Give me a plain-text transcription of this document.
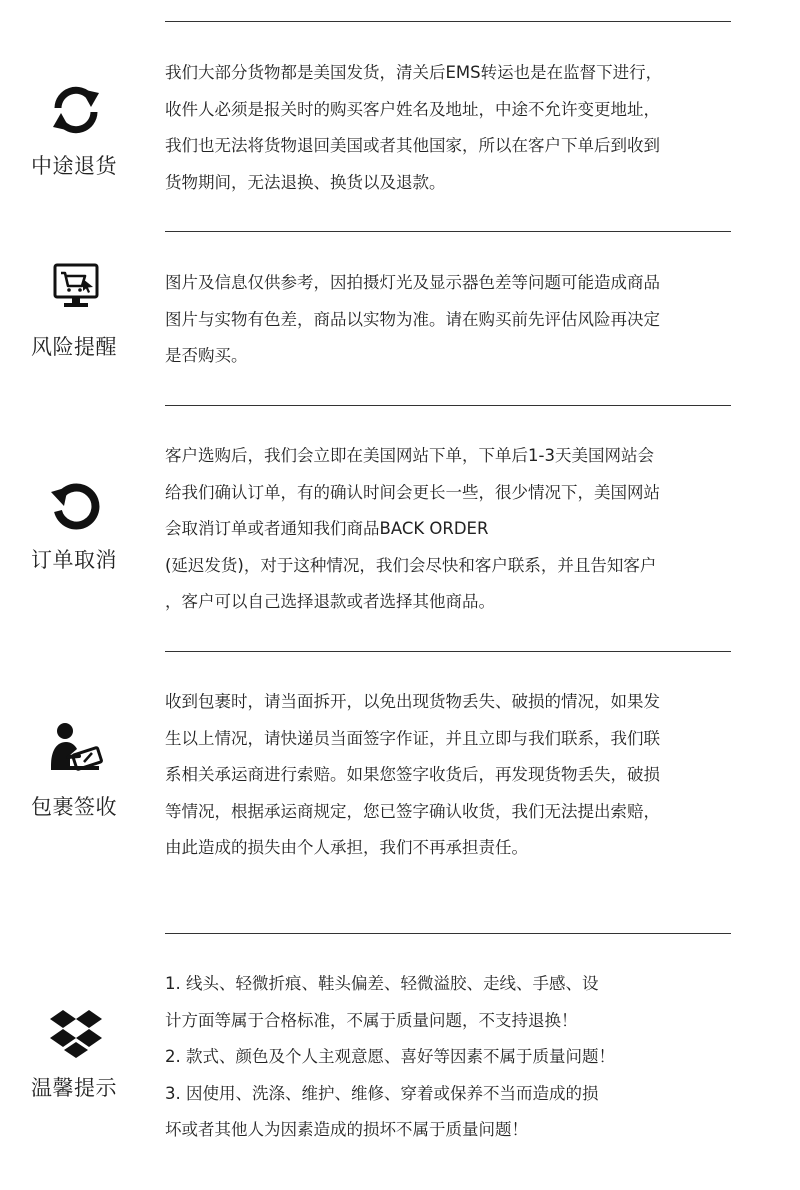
中途退货
我们大部分货物都是美国发货，清关后EMS转运也是在监督下进行，
收件人必须是报关时的购买客户姓名及地址，中途不允许变更地址，
我们也无法将货物退回美国或者其他国家，所以在客户下单后到收到
货物期间，无法退换、换货以及退款。
风险提醒
图片及信息仅供参考，因拍摄灯光及显示器色差等问题可能造成商品
图片与实物有色差，商品以实物为准。请在购买前先评估风险再决定
是否购买。
订单取消
客户选购后，我们会立即在美国网站下单，下单后1-3天美国网站会
给我们确认订单，有的确认时间会更长一些，很少情况下，美国网站
会取消订单或者通知我们商品BACK ORDER
(延迟发货)，对于这种情况，我们会尽快和客户联系，并且告知客户
，客户可以自己选择退款或者选择其他商品。
包裹签收
收到包裹时，请当面拆开，以免出现货物丢失、破损的情况，如果发
生以上情况，请快递员当面签字作证，并且立即与我们联系，我们联
系相关承运商进行索赔。如果您签字收货后，再发现货物丢失，破损
等情况，根据承运商规定，您已签字确认收货，我们无法提出索赔，
由此造成的损失由个人承担，我们不再承担责任。
温馨提示
1. 线头、轻微折痕、鞋头偏差、轻微溢胶、走线、手感、设
计方面等属于合格标准，不属于质量问题，不支持退换！
2. 款式、颜色及个人主观意愿、喜好等因素不属于质量问题！
3. 因使用、洗涤、维护、维修、穿着或保养不当而造成的损
坏或者其他人为因素造成的损坏不属于质量问题！
